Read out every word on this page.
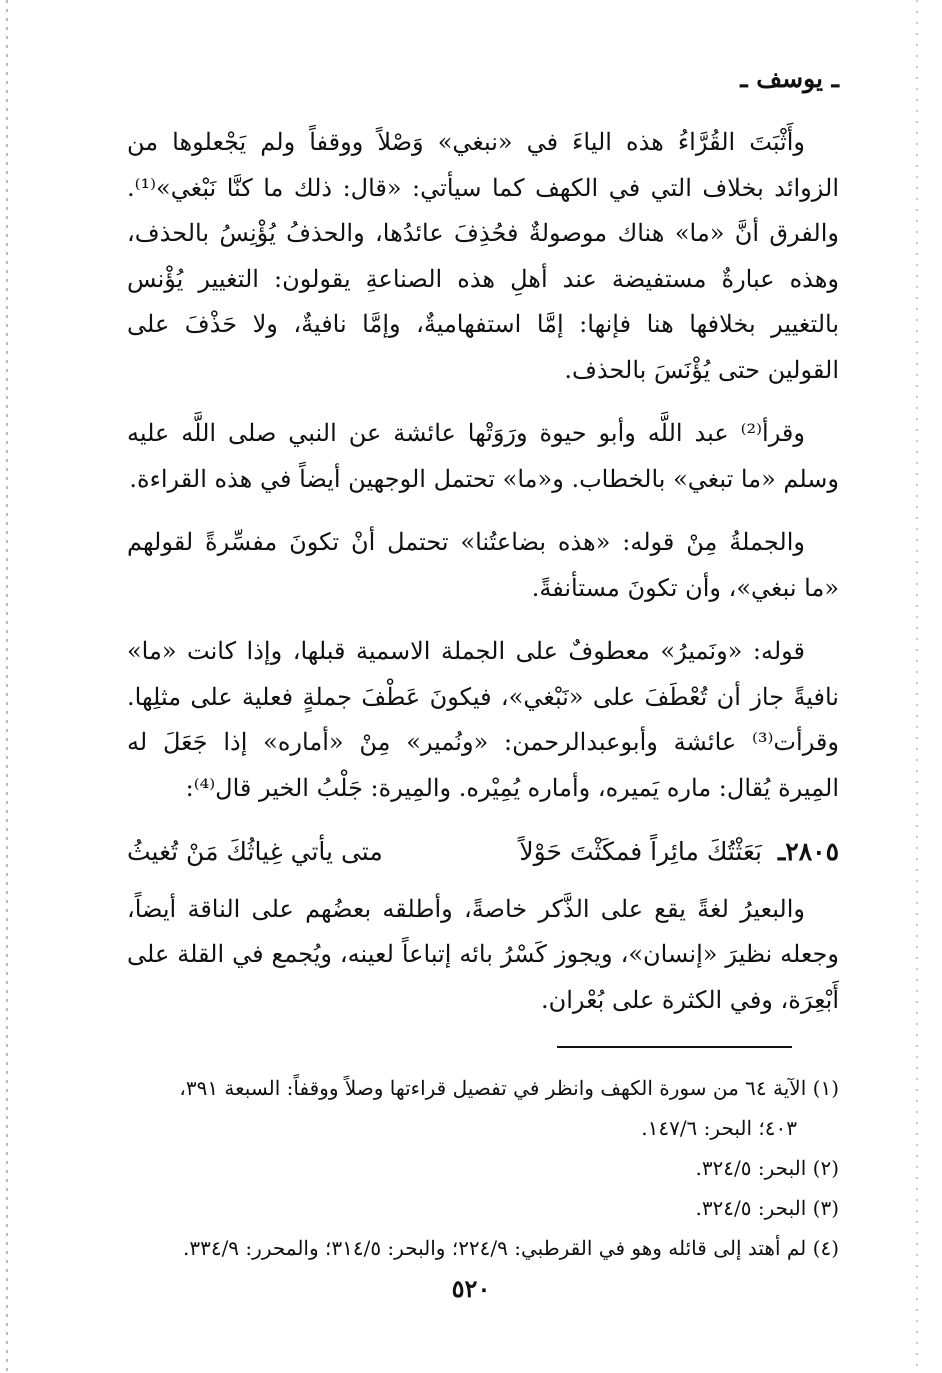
ـ يوسف ـ

وأَثْبَتَ القُرَّاءُ هذه الياءَ في «نبغي» وَصْلاً ووقفاً ولم يَجْعلوها من الزوائد بخلاف التي في الكهف كما سيأتي: «قال: ذلك ما كنَّا نَبْغي»⁽¹⁾. والفرق أنَّ «ما» هناك موصولةٌ فحُذِفَ عائدُها، والحذفُ يُؤْنِسُ بالحذف، وهذه عبارةٌ مستفيضة عند أهلِ هذه الصناعةِ يقولون: التغيير يُؤْنس بالتغيير بخلافها هنا فإنها: إمَّا استفهاميةٌ، وإمَّا نافيةٌ، ولا حَذْفَ على القولين حتى يُؤْنَسَ بالحذف.

وقرأ⁽²⁾ عبد اللَّه وأبو حيوة ورَوَتْها عائشة عن النبي صلى اللَّه عليه وسلم «ما تبغي» بالخطاب. و«ما» تحتمل الوجهين أيضاً في هذه القراءة.

والجملةُ مِنْ قوله: «هذه بضاعتُنا» تحتمل أنْ تكونَ مفسِّرةً لقولهم «ما نبغي»، وأن تكونَ مستأنفةً.

قوله: «ونَميرُ» معطوفٌ على الجملة الاسمية قبلها، وإذا كانت «ما» نافيةً جاز أن تُعْطَفَ على «نَبْغي»، فيكونَ عَطْفَ جملةٍ فعلية على مثلِها. وقرأت⁽³⁾ عائشة وأبوعبدالرحمن: «ونُمير» مِنْ «أماره» إذا جَعَلَ له المِيرة يُقال: ماره يَميره، وأماره يُمِيْره. والمِيرة: جَلْبُ الخير قال⁽⁴⁾:

٢٨٠٥ـ بَعَثْتُكَ مائِراً فمكَثْتَ حَوْلاً
متى يأتي غِياثُكَ مَنْ تُغيثُ

والبعيرُ لغةً يقع على الذَّكر خاصةً، وأطلقه بعضُهم على الناقة أيضاً، وجعله نظيرَ «إنسان»، ويجوز كَسْرُ بائه إتباعاً لعينه، ويُجمع في القلة على أَبْعِرَة، وفي الكثرة على بُعْران.

(١) الآية ٦٤ من سورة الكهف وانظر في تفصيل قراءتها وصلاً ووقفاً: السبعة ٣٩١،

٤٠٣؛ البحر: ١٤٧/٦.

(٢) البحر: ٣٢٤/٥.

(٣) البحر: ٣٢٤/٥.

(٤) لم أهتد إلى قائله وهو في القرطبي: ٢٢٤/٩؛ والبحر: ٣١٤/٥؛ والمحرر: ٣٣٤/٩.

٥٢٠
